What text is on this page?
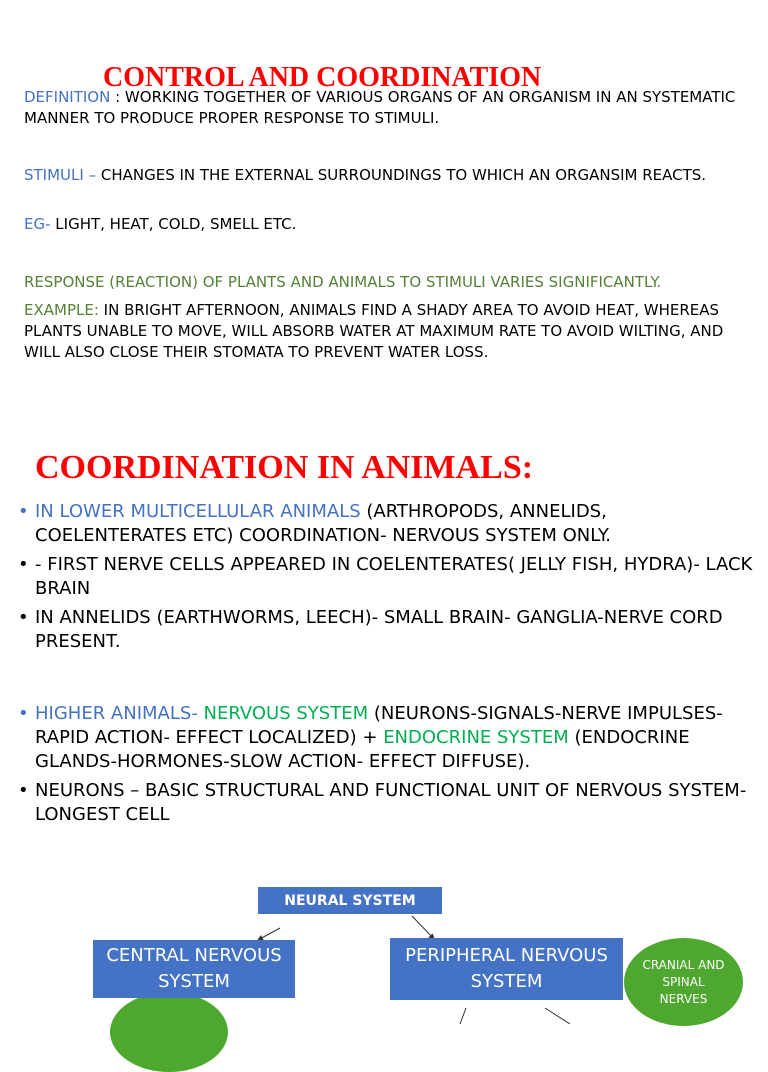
CONTROL AND COORDINATION
DEFINITION : WORKING TOGETHER OF VARIOUS ORGANS OF AN ORGANISM IN AN SYSTEMATIC MANNER TO PRODUCE PROPER RESPONSE TO STIMULI.
STIMULI – CHANGES IN THE EXTERNAL SURROUNDINGS TO WHICH AN ORGANSIM REACTS.
EG- LIGHT, HEAT, COLD, SMELL ETC.
RESPONSE (REACTION) OF PLANTS AND ANIMALS TO STIMULI VARIES SIGNIFICANTLY.
EXAMPLE: IN BRIGHT AFTERNOON, ANIMALS FIND A SHADY AREA TO AVOID HEAT, WHEREAS PLANTS UNABLE TO MOVE, WILL ABSORB WATER AT MAXIMUM RATE TO AVOID WILTING, AND WILL ALSO CLOSE THEIR STOMATA TO PREVENT WATER LOSS.
COORDINATION IN ANIMALS:
• IN LOWER MULTICELLULAR ANIMALS (ARTHROPODS, ANNELIDS, COELENTERATES ETC) COORDINATION- NERVOUS SYSTEM ONLY.
• - FIRST NERVE CELLS APPEARED IN COELENTERATES( JELLY FISH, HYDRA)- LACK BRAIN
• IN ANNELIDS (EARTHWORMS, LEECH)- SMALL BRAIN- GANGLIA-NERVE CORD PRESENT.
• HIGHER ANIMALS- NERVOUS SYSTEM (NEURONS-SIGNALS-NERVE IMPULSES- RAPID ACTION- EFFECT LOCALIZED) + ENDOCRINE SYSTEM (ENDOCRINE GLANDS-HORMONES-SLOW ACTION- EFFECT DIFFUSE).
• NEURONS – BASIC STRUCTURAL AND FUNCTIONAL UNIT OF NERVOUS SYSTEM- LONGEST CELL
NEURAL SYSTEM
CENTRAL NERVOUS SYSTEM
PERIPHERAL NERVOUS SYSTEM
CRANIAL AND SPINAL NERVES
